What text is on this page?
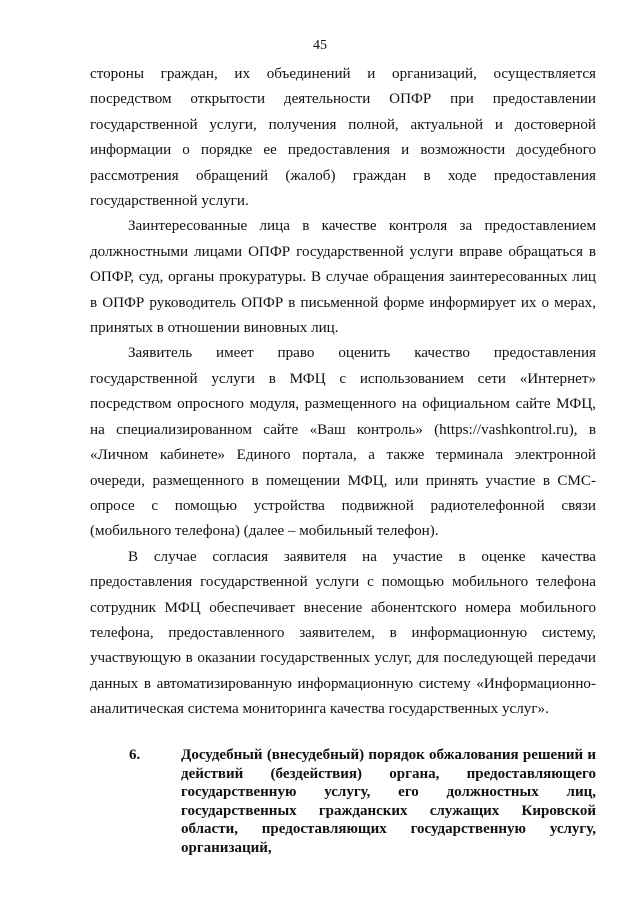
45

стороны граждан, их объединений и организаций, осуществляется посредством открытости деятельности ОПФР при предоставлении государственной услуги, получения полной, актуальной и достоверной информации о порядке ее предоставления и возможности досудебного рассмотрения обращений (жалоб) граждан в ходе предоставления государственной услуги.

Заинтересованные лица в качестве контроля за предоставлением должностными лицами ОПФР государственной услуги вправе обращаться в ОПФР, суд, органы прокуратуры. В случае обращения заинтересованных лиц в ОПФР руководитель ОПФР в письменной форме информирует их о мерах, принятых в отношении виновных лиц.

Заявитель имеет право оценить качество предоставления государственной услуги в МФЦ с использованием сети «Интернет» посредством опросного модуля, размещенного на официальном сайте МФЦ, на специализированном сайте «Ваш контроль» (https://vashkontrol.ru), в «Личном кабинете» Единого портала, а также терминала электронной очереди, размещенного в помещении МФЦ, или принять участие в СМС-опросе с помощью устройства подвижной радиотелефонной связи (мобильного телефона) (далее – мобильный телефон).

В случае согласия заявителя на участие в оценке качества предоставления государственной услуги с помощью мобильного телефона сотрудник МФЦ обеспечивает внесение абонентского номера мобильного телефона, предоставленного заявителем, в информационную систему, участвующую в оказании государственных услуг, для последующей передачи данных в автоматизированную информационную систему «Информационно-аналитическая система мониторинга качества государственных услуг».

6.	Досудебный (внесудебный) порядок обжалования решений и действий (бездействия) органа, предоставляющего государственную услугу, его должностных лиц, государственных гражданских служащих Кировской области, предоставляющих государственную услугу, организаций,
